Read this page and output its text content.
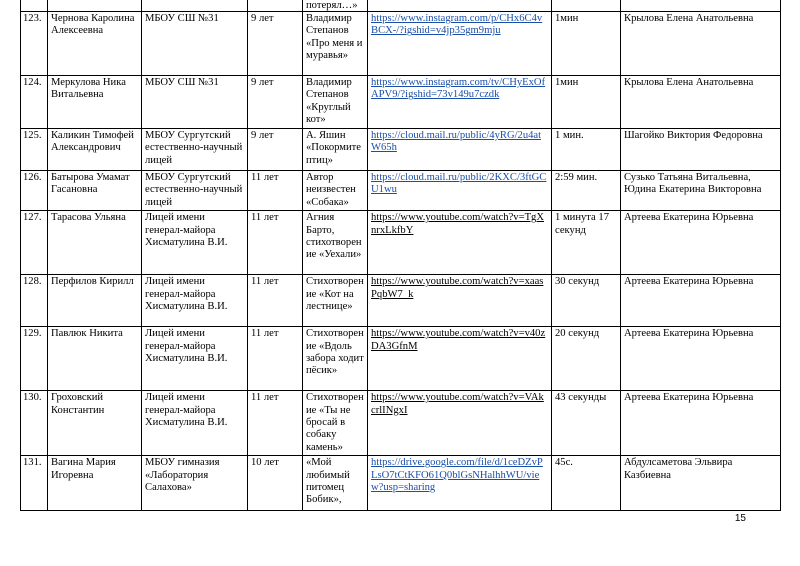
				потерял…»			
123.	Чернова Каролина Алексеевна	МБОУ СШ №31	9 лет	Владимир Степанов «Про меня и муравья»	https://www.instagram.com/p/CHx6C4vBCX-/?igshid=v4jp35gm9mju	1мин	Крылова Елена Анатольевна
124.	Меркулова Ника Витальевна	МБОУ СШ №31	9 лет	Владимир Степанов «Круглый кот»	https://www.instagram.com/tv/CHyExOfAPV9/?igshid=73v149u7czdk	1мин	Крылова Елена Анатольевна
125.	Каликин Тимофей Александрович	МБОУ Сургутский естественно-научный лицей	9 лет	А. Яшин «Покормите птиц»	https://cloud.mail.ru/public/4yRG/2u4atW65h	1 мин.	Шагойко Виктория Федоровна
126.	Батырова Умамат Гасановна	МБОУ Сургутский естественно-научный лицей	11 лет	Автор неизвестен «Собака»	https://cloud.mail.ru/public/2KXC/3ftGCU1wu	2:59 мин.	Сузько Татьяна Витальевна, Юдина Екатерина Викторовна
127.	Тарасова Ульяна	Лицей имени генерал-майора Хисматулина В.И.	11 лет	Агния Барто, стихотворение «Уехали»	https://www.youtube.com/watch?v=TgXnrxLkfbY	1 минута 17 секунд	Артеева Екатерина Юрьевна
128.	Перфилов Кирилл	Лицей имени генерал-майора Хисматулина В.И.	11 лет	Стихотворение «Кот на лестнице»	https://www.youtube.com/watch?v=xaasPqbW7_k	30 секунд	Артеева Екатерина Юрьевна
129.	Павлюк Никита	Лицей имени генерал-майора Хисматулина В.И.	11 лет	Стихотворение «Вдоль забора ходит пёсик»	https://www.youtube.com/watch?v=v40zDA3GfnM	20 секунд	Артеева Екатерина Юрьевна
130.	Гроховский Константин	Лицей имени генерал-майора Хисматулина В.И.	11 лет	Стихотворение «Ты не бросай в собаку камень»	https://www.youtube.com/watch?v=VAkcrlINgxI	43 секунды	Артеева Екатерина Юрьевна
131.	Вагина Мария Игоревна	МБОУ гимназия «Лаборатория Салахова»	10 лет	«Мой любимый питомец Бобик»,	https://drive.google.com/file/d/1ceDZvPLsO7tCtKFO61Q0blGsNHalhhWU/view?usp=sharing	45с.	Абдулсаметова Эльвира Казбиевна
15
